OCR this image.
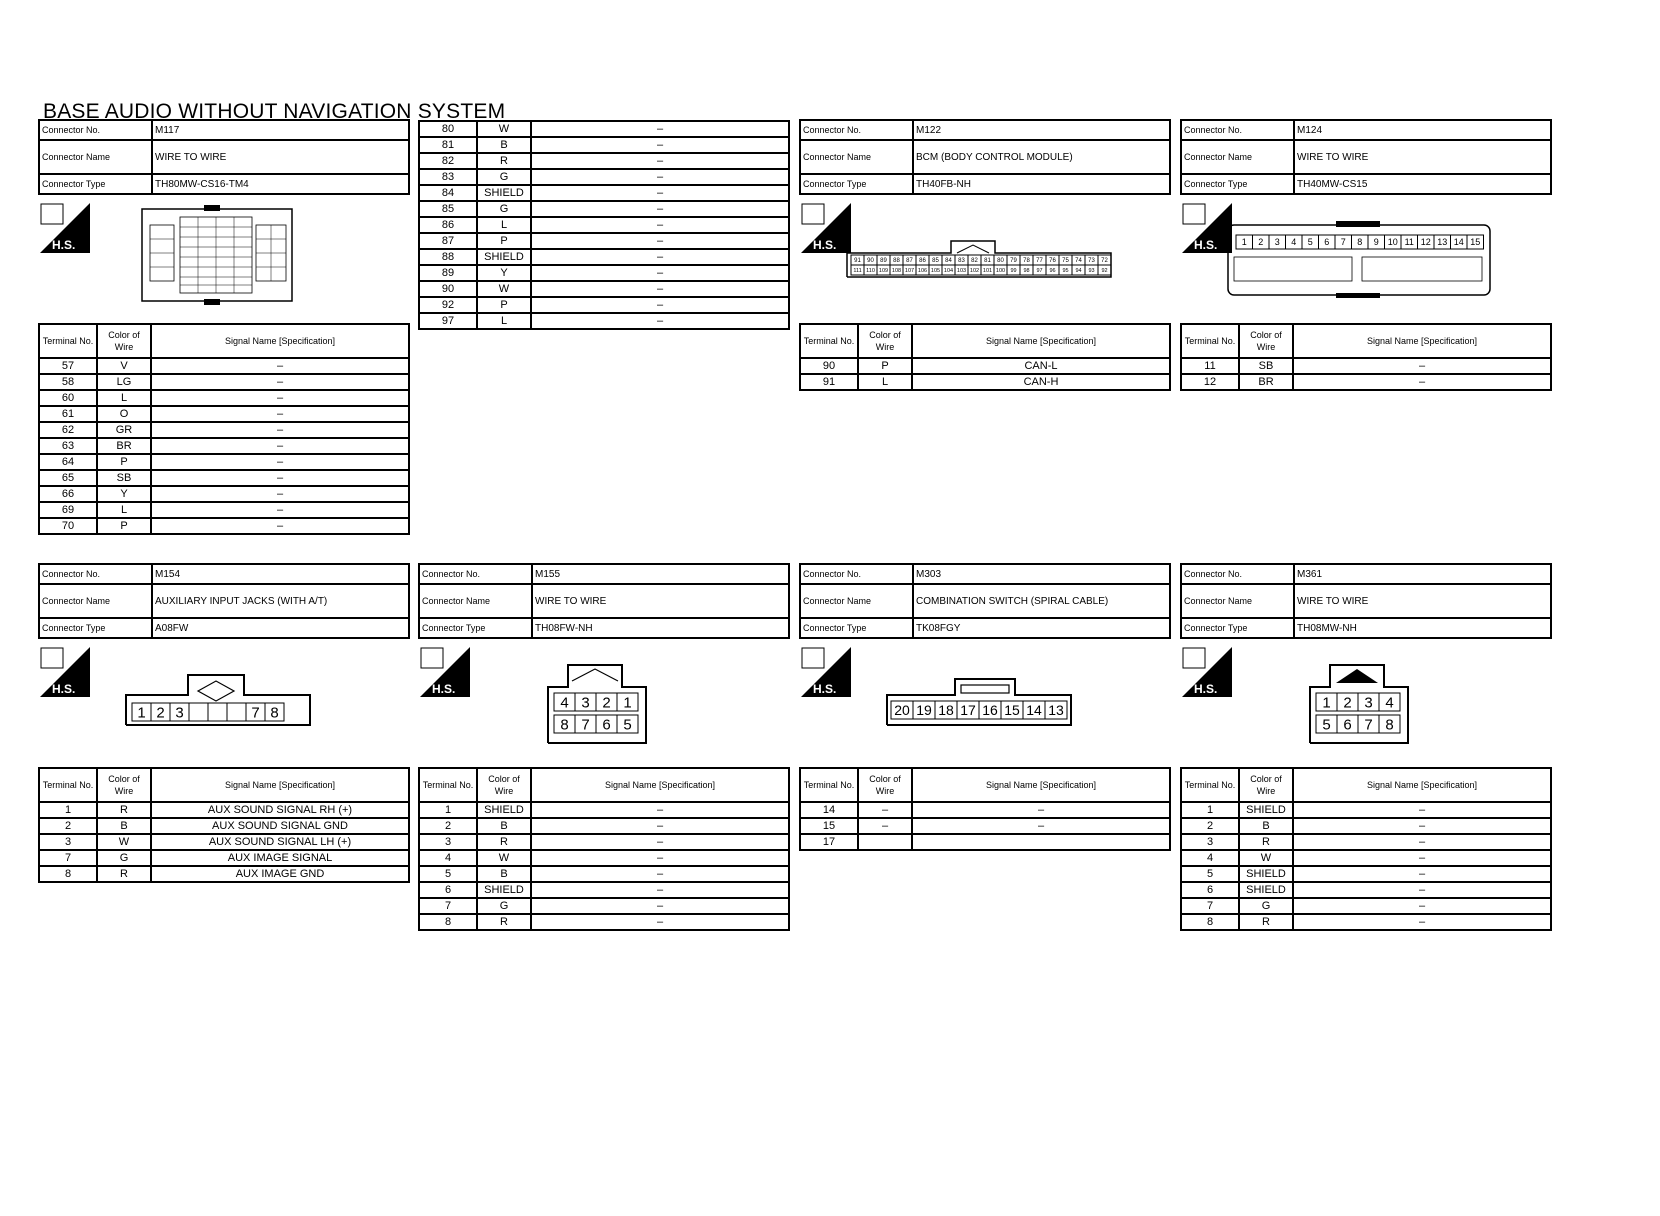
BASE AUDIO WITHOUT NAVIGATION SYSTEM
Connector No.	M117
Connector Name	WIRE TO WIRE
Connector Type	TH80MW-CS16-TM4
H.S.
Terminal No.	Color of Wire	Signal Name [Specification]
57	V	–
58	LG	–
60	L	–
61	O	–
62	GR	–
63	BR	–
64	P	–
65	SB	–
66	Y	–
69	L	–
70	P	–
80	W	–
81	B	–
82	R	–
83	G	–
84	SHIELD	–
85	G	–
86	L	–
87	P	–
88	SHIELD	–
89	Y	–
90	W	–
92	P	–
97	L	–
Connector No.	M122
Connector Name	BCM (BODY CONTROL MODULE)
Connector Type	TH40FB-NH
H.S.
91 90 89 88 87 86 85 84 83 82 81 80 79 78 77 76 75 74 73 72
111 110 109 108 107 106 105 104 103 102 101 100 99 98 97 96 95 94 93 92
Terminal No.	Color of Wire	Signal Name [Specification]
90	P	CAN-L
91	L	CAN-H
Connector No.	M124
Connector Name	WIRE TO WIRE
Connector Type	TH40MW-CS15
H.S.	1 2 3 4 5 6 7 8 9 10 11 12 13 14 15
Terminal No.	Color of Wire	Signal Name [Specification]
11	SB	–
12	BR	–
Connector No.	M154
Connector Name	AUXILIARY INPUT JACKS (WITH A/T)
Connector Type	A08FW
H.S.
1 2 3	7 8
Terminal No.	Color of Wire	Signal Name [Specification]
1	R	AUX SOUND SIGNAL RH (+)
2	B	AUX SOUND SIGNAL GND
3	W	AUX SOUND SIGNAL LH (+)
7	G	AUX IMAGE SIGNAL
8	R	AUX IMAGE GND
Connector No.	M155
Connector Name	WIRE TO WIRE
Connector Type	TH08FW-NH
H.S.
4 3 2 1
8 7 6 5
Terminal No.	Color of Wire	Signal Name [Specification]
1	SHIELD	–
2	B	–
3	R	–
4	W	–
5	B	–
6	SHIELD	–
7	G	–
8	R	–
Connector No.	M303
Connector Name	COMBINATION SWITCH (SPIRAL CABLE)
Connector Type	TK08FGY
H.S.
20 19 18 17 16 15 14 13
Terminal No.	Color of Wire	Signal Name [Specification]
14	–	–
15	–	–
17		
Connector No.	M361
Connector Name	WIRE TO WIRE
Connector Type	TH08MW-NH
H.S.
1 2 3 4
5 6 7 8
Terminal No.	Color of Wire	Signal Name [Specification]
1	SHIELD	–
2	B	–
3	R	–
4	W	–
5	SHIELD	–
6	SHIELD	–
7	G	–
8	R	–
